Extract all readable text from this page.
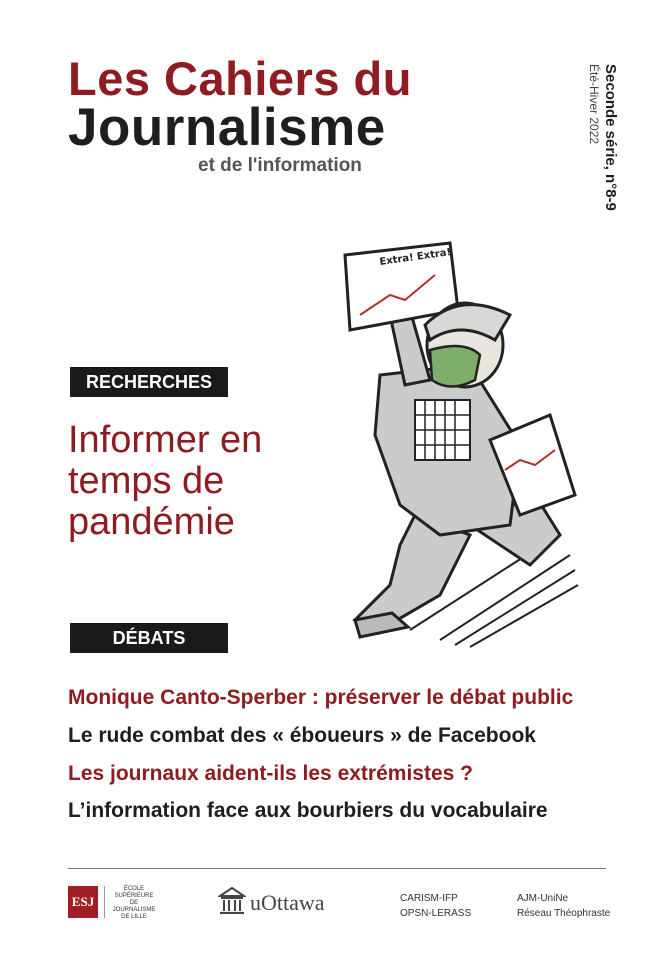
Les Cahiers du
Journalisme
et de l'information	Seconde série, n°8-9
Été-Hiver 2022
RECHERCHES
Informer en
temps de
pandémie
Extra! Extra!
DÉBATS
Monique Canto-Sperber : préserver le débat public
Le rude combat des « éboueurs » de Facebook
Les journaux aident-ils les extrémistes ?
L’information face aux bourbiers du vocabulaire
ESJ
ÉCOLE
SUPÉRIEURE
DE JOURNALISME
DE LILLE
uOttawa	CARISM-IFP
OPSN-LERASS
AJM-UniNe
Réseau Théophraste
